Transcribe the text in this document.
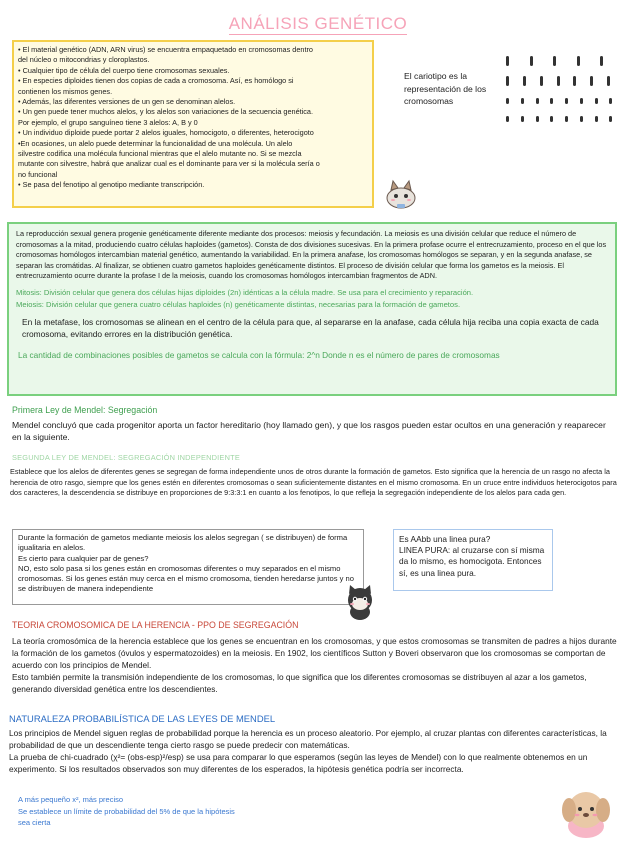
ANÁLISIS GENÉTICO

• El material genético (ADN, ARN virus) se encuentra empaquetado en cromosomas dentro

del núcleo o mitocondrias y cloroplastos.

• Cualquier tipo de célula del cuerpo tiene cromosomas sexuales.

• En especies diploides tienen dos copias de cada a cromosoma. Así, es homólogo si

contienen los mismos genes.

• Además, las diferentes versiones de un gen se denominan alelos.

• Un gen puede tener muchos alelos, y los alelos son variaciones de la secuencia genética.

Por ejemplo, el grupo sanguíneo tiene 3 alelos: A, B y 0

• Un individuo diploide puede portar 2 alelos iguales, homocigoto, o diferentes, heterocigoto

•En ocasiones, un alelo puede determinar la funcionalidad de una molécula. Un alelo

silvestre codifica una molécula funcional mientras que el alelo mutante no. Si se mezcla

mutante con silvestre, habrá que analizar cual es el dominante para ver si la molécula sería o

no funcional

• Se pasa del fenotipo al genotipo mediante transcripción.

El cariotipo es la representación de los cromosomas

La reproducción sexual genera progenie genéticamente diferente mediante dos procesos: meiosis y fecundación. La meiosis es una división celular que reduce el número de cromosomas a la mitad, produciendo cuatro células haploides (gametos). Consta de dos divisiones sucesivas. En la primera profase ocurre el entrecruzamiento, proceso en el que los cromosomas homólogos intercambian material genético, aumentando la variabilidad. En la primera anafase, los cromosomas homólogos se separan, y en la segunda anafase, se separan las cromátidas. Al finalizar, se obtienen cuatro gametos haploides genéticamente distintos. El proceso de división celular que forma los gametos es la meiosis. El entrecruzamiento ocurre durante la profase I de la meiosis, cuando los cromosomas homólogos intercambian fragmentos de ADN.

Mitosis: División celular que genera dos células hijas diploides (2n) idénticas a la célula madre. Se usa para el crecimiento y reparación.

Meiosis: División celular que genera cuatro células haploides (n) genéticamente distintas, necesarias para la formación de gametos.

En la metafase, los cromosomas se alinean en el centro de la célula para que, al separarse en la anafase, cada célula hija reciba una copia exacta de cada cromosoma, evitando errores en la distribución genética.

La cantidad de combinaciones posibles de gametos se calcula con la fórmula: 2^n Donde n es el número de pares de cromosomas

Primera Ley de Mendel: Segregación
Mendel concluyó que cada progenitor aporta un factor hereditario (hoy llamado gen), y que los rasgos pueden estar ocultos en una generación y reaparecer en la siguiente.
SEGUNDA LEY DE MENDEL: SEGREGACIÓN INDEPENDIENTE
Establece que los alelos de diferentes genes se segregan de forma independiente unos de otros durante la formación de gametos. Esto significa que la herencia de un rasgo no afecta la herencia de otro rasgo, siempre que los genes estén en diferentes cromosomas o sean suficientemente distantes en el mismo cromosoma. En un cruce entre individuos heterocigotos para dos caracteres, la descendencia se distribuye en proporciones de 9:3:3:1 en cuanto a los fenotipos, lo que refleja la segregación independiente de los alelos para cada gen.
Durante la formación de gametos mediante meiosis los alelos segregan ( se distribuyen) de forma igualitaria en alelos.
Es cierto para cualquier par de genes?
NO, esto solo pasa si los genes están en cromosomas diferentes o muy separados en el mismo cromosomas. Si los genes están muy cerca en el mismo cromosoma, tienden heredarse juntos y no se distribuyen de manera independiente
Es AAbb una linea pura?
LINEA PURA: al cruzarse con sí misma da lo mismo, es homocigota. Entonces sí, es una linea pura.
TEORIA CROMOSOMICA DE LA HERENCIA - PPO DE SEGREGACIÓN
La teoría cromosómica de la herencia establece que los genes se encuentran en los cromosomas, y que estos cromosomas se transmiten de padres a hijos durante la formación de los gametos (óvulos y espermatozoides) en la meiosis. En 1902, los científicos Sutton y Boveri observaron que los cromosomas se comportan de acuerdo con los principios de Mendel.
Esto también permite la transmisión independiente de los cromosomas, lo que significa que los diferentes cromosomas se distribuyen al azar a los gametos, generando diversidad genética entre los descendientes.
NATURALEZA PROBABILÍSTICA DE LAS LEYES DE MENDEL
Los principios de Mendel siguen reglas de probabilidad porque la herencia es un proceso aleatorio. Por ejemplo, al cruzar plantas con diferentes características, la probabilidad de que un descendiente tenga cierto rasgo se puede predecir con matemáticas.
La prueba de chi-cuadrado (χ²= (obs-esp)²/esp) se usa para comparar lo que esperamos (según las leyes de Mendel) con lo que realmente obtenemos en un experimento. Si los resultados observados son muy diferentes de los esperados, la hipótesis genética podría ser incorrecta.
A más pequeño x², más preciso
Se establece un límite de probabilidad del 5% de que la hipótesis sea cierta
